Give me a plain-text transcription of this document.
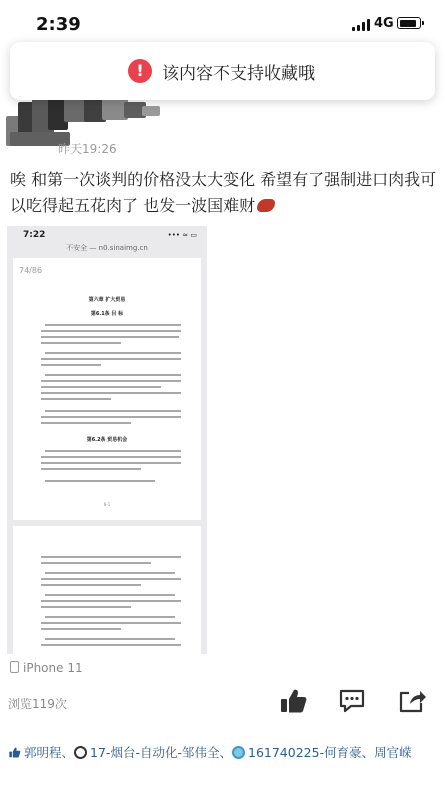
2:39	4G
!	该内容不支持收藏哦
昨天19:26
唉 和第一次谈判的价格没太大变化 希望有了强制进口肉我可以吃得起五花肉了 也发一波国难财
7:22	••• ≈ ▭
不安全 — n0.sinaimg.cn
74/86
第六章 扩大贸易
第6.1条 目 标
第6.2条 贸易机会
6-1
iPhone 11
浏览119次
郭明程、 17-烟台-自动化-邹伟全、 161740225-何育豪、周官嵘
